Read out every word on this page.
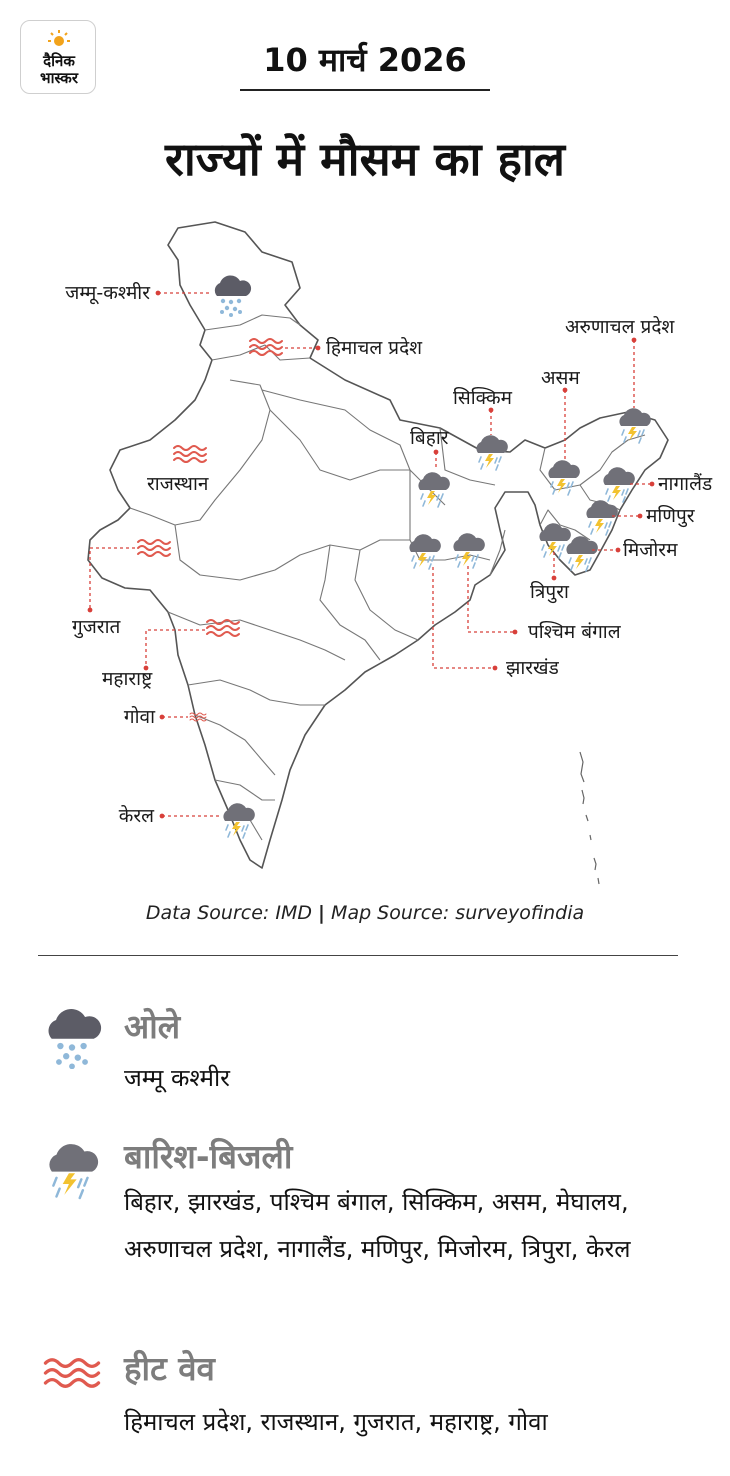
दैनिक
भास्कर	10 मार्च 2026
राज्यों में मौसम का हाल
जम्मू-कश्मीर
हिमाचल प्रदेश
राजस्थान
गुजरात
महाराष्ट्र
गोवा
केरल
बिहार
सिक्किम
असम
अरुणाचल प्रदेश
नागालैंड
मणिपुर
मिजोरम
त्रिपुरा
पश्चिम बंगाल
झारखंड
Data Source: IMD | Map Source: surveyofindia
ओले
जम्मू कश्मीर
बारिश-बिजली
बिहार, झारखंड, पश्चिम बंगाल, सिक्किम, असम, मेघालय, अरुणाचल प्रदेश, नागालैंड, मणिपुर, मिजोरम, त्रिपुरा, केरल
हीट वेव
हिमाचल प्रदेश, राजस्थान, गुजरात, महाराष्ट्र, गोवा
